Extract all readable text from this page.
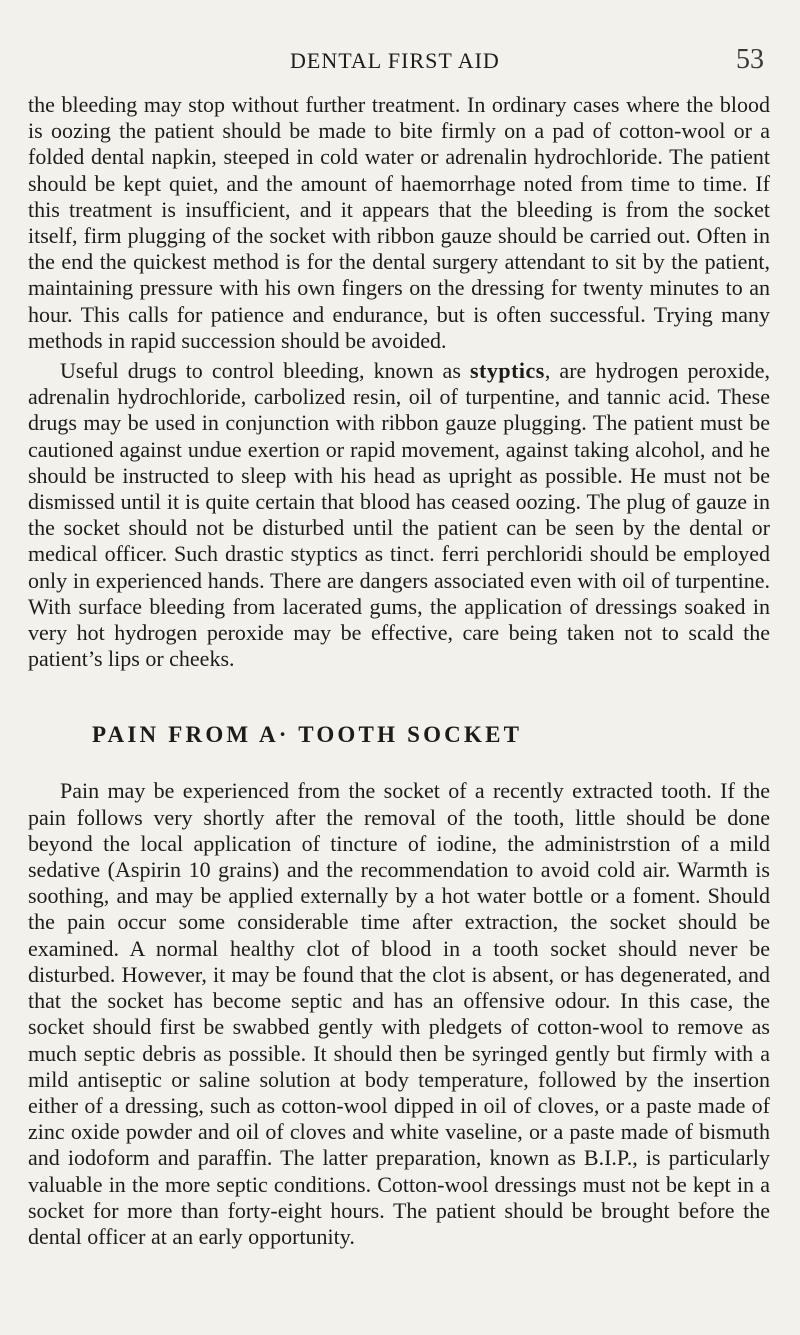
DENTAL FIRST AID	53

the bleeding may stop without further treatment. In ordinary cases where the blood is oozing the patient should be made to bite firmly on a pad of cotton-wool or a folded dental napkin, steeped in cold water or adrenalin hydrochloride. The patient should be kept quiet, and the amount of haemorrhage noted from time to time. If this treatment is insufficient, and it appears that the bleeding is from the socket itself, firm plugging of the socket with ribbon gauze should be carried out. Often in the end the quickest method is for the dental surgery attendant to sit by the patient, maintaining pressure with his own fingers on the dressing for twenty minutes to an hour. This calls for patience and endurance, but is often successful. Trying many methods in rapid succession should be avoided.

Useful drugs to control bleeding, known as styptics, are hydrogen peroxide, adrenalin hydrochloride, carbolized resin, oil of turpentine, and tannic acid. These drugs may be used in conjunction with ribbon gauze plugging. The patient must be cautioned against undue exertion or rapid movement, against taking alcohol, and he should be instructed to sleep with his head as upright as possible. He must not be dismissed until it is quite certain that blood has ceased oozing. The plug of gauze in the socket should not be disturbed until the patient can be seen by the dental or medical officer. Such drastic styptics as tinct. ferri perchloridi should be employed only in experienced hands. There are dangers associated even with oil of turpentine. With surface bleeding from lacerated gums, the application of dressings soaked in very hot hydrogen peroxide may be effective, care being taken not to scald the patient’s lips or cheeks.

PAIN FROM A· TOOTH SOCKET

Pain may be experienced from the socket of a recently extracted tooth. If the pain follows very shortly after the removal of the tooth, little should be done beyond the local application of tincture of iodine, the administrstion of a mild sedative (Aspirin 10 grains) and the recommendation to avoid cold air. Warmth is soothing, and may be applied externally by a hot water bottle or a foment. Should the pain occur some considerable time after extraction, the socket should be examined. A normal healthy clot of blood in a tooth socket should never be disturbed. However, it may be found that the clot is absent, or has degenerated, and that the socket has become septic and has an offensive odour. In this case, the socket should first be swabbed gently with pledgets of cotton-wool to remove as much septic debris as possible. It should then be syringed gently but firmly with a mild antiseptic or saline solution at body temperature, followed by the insertion either of a dressing, such as cotton-wool dipped in oil of cloves, or a paste made of zinc oxide powder and oil of cloves and white vaseline, or a paste made of bismuth and iodoform and paraffin. The latter preparation, known as B.I.P., is particularly valuable in the more septic conditions. Cotton-wool dressings must not be kept in a socket for more than forty-eight hours. The patient should be brought before the dental officer at an early opportunity.
